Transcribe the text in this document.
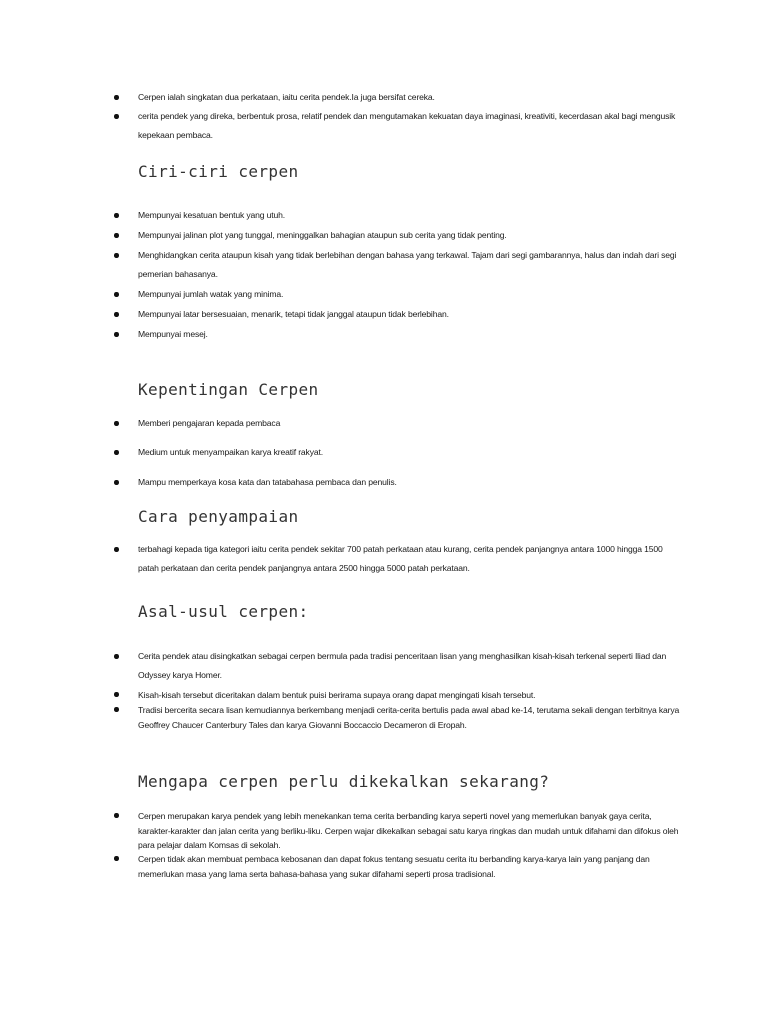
Cerpen ialah singkatan dua perkataan, iaitu cerita pendek.Ia juga bersifat cereka.

cerita pendek yang direka, berbentuk prosa, relatif pendek dan mengutamakan kekuatan daya imaginasi, kreativiti, kecerdasan akal bagi mengusik kepekaan pembaca.

Ciri-ciri cerpen

Mempunyai kesatuan bentuk yang utuh.

Mempunyai jalinan plot yang tunggal, meninggalkan bahagian ataupun sub cerita yang tidak penting.

Menghidangkan cerita ataupun kisah yang tidak berlebihan dengan bahasa yang terkawal. Tajam dari segi gambarannya, halus dan indah dari segi pemerian bahasanya.

Mempunyai jumlah watak yang minima.

Mempunyai latar bersesuaian, menarik, tetapi tidak janggal ataupun tidak berlebihan.

Mempunyai mesej.

Kepentingan Cerpen

Memberi pengajaran kepada pembaca

Medium untuk menyampaikan karya kreatif rakyat.

Mampu memperkaya kosa kata dan tatabahasa pembaca dan penulis.

Cara penyampaian

terbahagi kepada tiga kategori iaitu cerita pendek sekitar 700 patah perkataan atau kurang, cerita pendek panjangnya antara 1000 hingga 1500 patah perkataan dan cerita pendek panjangnya antara 2500 hingga 5000 patah perkataan.

Asal-usul cerpen:

Cerita pendek atau disingkatkan sebagai cerpen bermula pada tradisi penceritaan lisan yang menghasilkan kisah-kisah terkenal seperti Iliad dan Odyssey karya Homer.

Kisah-kisah tersebut diceritakan dalam bentuk puisi berirama supaya orang dapat mengingati kisah tersebut.

Tradisi bercerita secara lisan kemudiannya berkembang menjadi cerita-cerita bertulis pada awal abad ke-14, terutama sekali dengan terbitnya karya Geoffrey Chaucer Canterbury Tales dan karya Giovanni Boccaccio Decameron di Eropah.

Mengapa cerpen perlu dikekalkan sekarang?

Cerpen merupakan karya pendek yang lebih menekankan tema cerita berbanding karya seperti novel yang memerlukan banyak gaya cerita, karakter-karakter dan jalan cerita yang berliku-liku. Cerpen wajar dikekalkan sebagai satu karya ringkas dan mudah untuk difahami dan difokus oleh para pelajar dalam Komsas di sekolah.

Cerpen tidak akan membuat pembaca kebosanan dan dapat fokus tentang sesuatu cerita itu berbanding karya-karya lain yang panjang dan memerlukan masa yang lama serta bahasa-bahasa yang sukar difahami seperti prosa tradisional.
